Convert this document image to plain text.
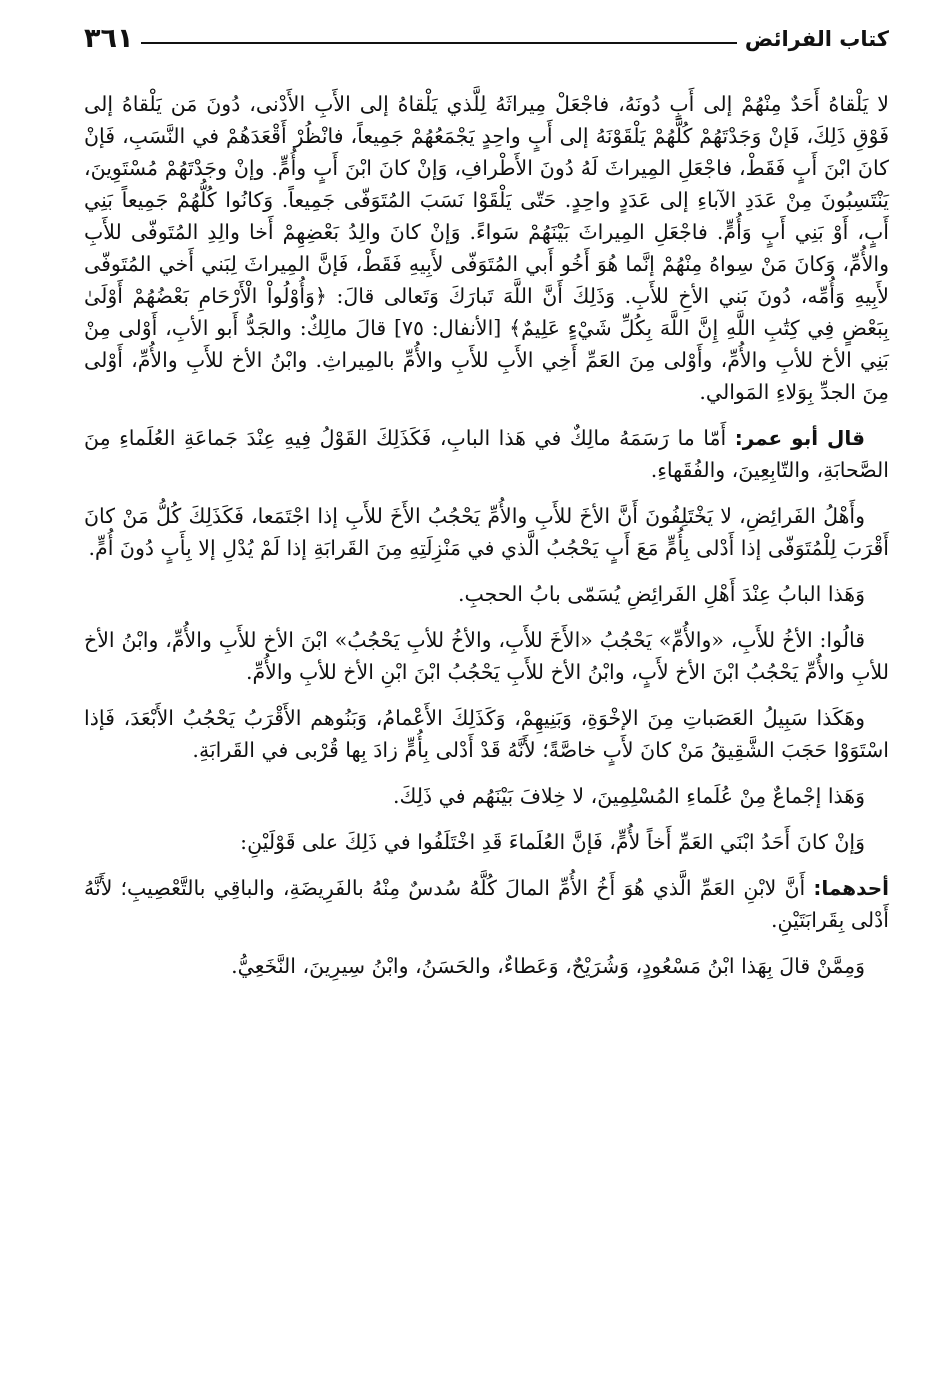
كتاب الفرائض
٣٦١

لا يَلْقاهُ أَحَدٌ مِنْهُمْ إلى أَبٍ دُونَهُ، فاجْعَلْ مِيراثَهُ لِلَّذي يَلْقاهُ إلى الأَبِ الأَدْنى، دُونَ مَن يَلْقاهُ إلى فَوْقِ ذَلِكَ، فَإنْ وَجَدْتَهُمْ كُلَّهُمْ يَلْقَوْنَهُ إلى أَبٍ واحِدٍ يَجْمَعُهُمْ جَمِيعاً، فانْظُرْ أَقْعَدَهُمْ في النَّسَبِ، فَإنْ كانَ ابْنَ أَبٍ فَقَطْ، فاجْعَلِ المِيراثَ لَهُ دُونَ الأَطْرافِ، وَإنْ كانَ ابْنَ أَبٍ وأُمٍّ. وإنْ وجَدْتَهُمْ مُسْتَوِينَ، يَنْتَسِبُونَ مِنْ عَدَدِ الآباءِ إلى عَدَدٍ واحِدٍ. حَتّى يَلْقَوْا نَسَبَ المُتَوَفّى جَمِيعاً. وَكانُوا كُلُّهُمْ جَمِيعاً بَنِي أَبٍ، أَوْ بَنِي أَبٍ وَأُمٍّ. فاجْعَلِ المِيراثَ بَيْنَهُمْ سَواءً. وَإنْ كانَ والِدُ بَعْضِهِمْ أَخا والِدِ المُتَوفّى للأَبِ والأُمِّ، وَكانَ مَنْ سِواهُ مِنْهُمْ إنَّما هُوَ أَخُو أَبي المُتَوَفّى لأَبِيهِ فَقَطْ، فَإنَّ المِيراثَ لِبَني أَخي المُتَوفّى لأَبِيهِ وَأُمِّه، دُونَ بَني الأخِ للأَبِ. وَذَلِكَ أَنَّ اللَّهَ تَبارَكَ وَتَعالى قالَ: ﴿وَأُوْلُواْ الْأَرْحَامِ بَعْضُهُمْ أَوْلَىٰ بِبَعْضٍ فِي كِتَٰبِ اللَّهِ إِنَّ اللَّهَ بِكُلِّ شَيْءٍ عَلِيمٌ﴾ [الأنفال: ٧٥] قالَ مالِكٌ: والجَدُّ أَبو الأبِ، أَوْلى مِنْ بَنِي الأخ للأبِ والأُمِّ، وأَوْلى مِنَ العَمِّ أَخِي الأَبِ للأَبِ والأُمِّ بالمِيراثِ. وابْنُ الأخ للأَبِ والأُمِّ، أَوْلى مِنَ الجدِّ بِوَلاءِ المَوالي.

قال أبو عمر: أَمّا ما رَسَمَهُ مالِكٌ في هَذا البابِ، فَكَذَلِكَ القَوْلُ فِيهِ عِنْدَ جَماعَةِ العُلَماءِ مِنَ الصَّحابَةِ، والتّابِعِينَ، والفُقَهاءِ.

وأَهْلُ الفَرائِضِ، لا يَخْتَلِفُونَ أَنَّ الأخَ للأَبِ والأُمِّ يَحْجُبُ الأَخَ للأَبِ إذا اجْتَمَعا، فَكَذَلِكَ كُلُّ مَنْ كانَ أَقْرَبَ لِلْمُتَوَفّى إذا أَدْلى بِأُمٍّ مَعَ أَبٍ يَحْجُبُ الَّذي في مَنْزِلَتِهِ مِنَ القَرابَةِ إذا لَمْ يُدْلِ إلا بِأَبٍ دُونَ أُمٍّ.

وَهَذا البابُ عِنْدَ أَهْلِ الفَرائِضِ يُسَمّى بابُ الحجبِ.

قالُوا: الأخُ للأَبِ، «والأُمِّ» يَحْجُبُ «الأَخَ للأَبِ، والأخُ للأبِ يَحْجُبُ» ابْنَ الأخ للأَبِ والأُمِّ، وابْنُ الأخ للأبِ والأُمِّ يَحْجُبُ ابْنَ الأخ لأَبٍ، وابْنُ الأخ للأَبِ يَحْجُبُ ابْنَ ابْنِ الأخ للأبِ والأُمِّ.

وهَكَذا سَبِيلُ العَصَباتِ مِنَ الإخْوَةِ، وَبَنِيهِمْ، وَكَذَلِكَ الأَعْمامُ، وَبَنُوهم الأَقْرَبُ يَحْجُبُ الأَبْعَدَ، فَإذا اسْتَوَوْا حَجَبَ الشَّقِيقُ مَنْ كانَ لأَبٍ خاصَّةً؛ لأَنَّهُ قَدْ أَدْلى بِأُمٍّ زادَ بِها قُرْبى في القَرابَةِ.

وَهَذا إجْماعٌ مِنْ عُلَماءِ المُسْلِمِينَ، لا خِلافَ بَيْنَهُم في ذَلِكَ.

وَإنْ كانَ أَحَدُ ابْنَي العَمِّ أَخاً لأُمٍّ، فَإنَّ العُلَماءَ قَدِ اخْتَلَفُوا في ذَلِكَ على قَوْلَيْنِ:

أحدهما: أَنَّ لابْنِ العَمِّ الَّذي هُوَ أَخُ الأُمِّ المالَ كُلَّهُ سُدسٌ مِنْهُ بالفَرِيضَةِ، والباقِي بالتَّعْصِيبِ؛ لأَنَّهُ أَدْلى بِقَرابَتَيْنِ.

وَمِمَّنْ قالَ بِهَذا ابْنُ مَسْعُودٍ، وَشُرَيْحٌ، وَعَطاءٌ، والحَسَنُ، وابْنُ سِيرِينَ، النَّخَعِيُّ.
